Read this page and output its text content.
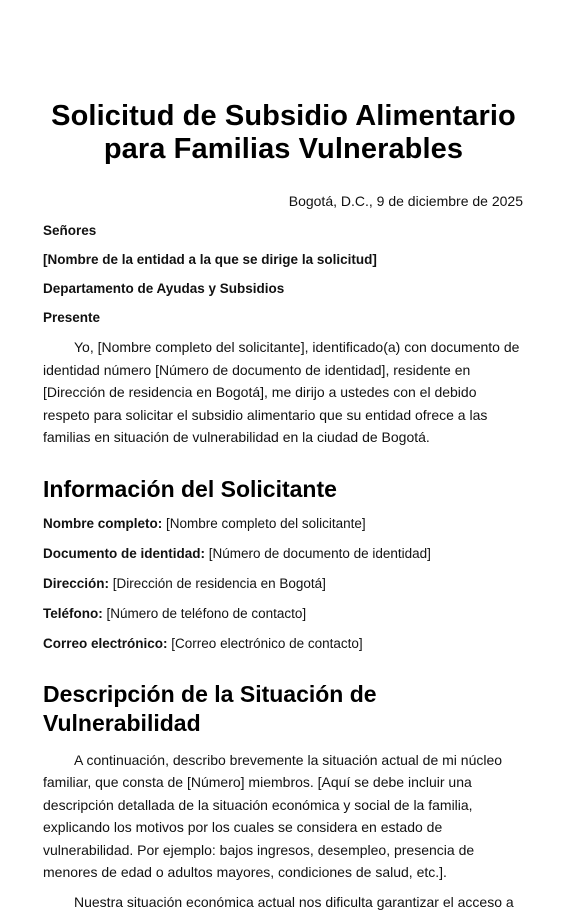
Solicitud de Subsidio Alimentario
para Familias Vulnerables
Bogotá, D.C., 9 de diciembre de 2025

Señores

[Nombre de la entidad a la que se dirige la solicitud]

Departamento de Ayudas y Subsidios

Presente

Yo, [Nombre completo del solicitante], identificado(a) con documento de identidad número [Número de documento de identidad], residente en [Dirección de residencia en Bogotá], me dirijo a ustedes con el debido respeto para solicitar el subsidio alimentario que su entidad ofrece a las familias en situación de vulnerabilidad en la ciudad de Bogotá.

Información del Solicitante

Nombre completo: [Nombre completo del solicitante]

Documento de identidad: [Número de documento de identidad]

Dirección: [Dirección de residencia en Bogotá]

Teléfono: [Número de teléfono de contacto]

Correo electrónico: [Correo electrónico de contacto]

Descripción de la Situación de Vulnerabilidad

A continuación, describo brevemente la situación actual de mi núcleo familiar, que consta de [Número] miembros. [Aquí se debe incluir una descripción detallada de la situación económica y social de la familia, explicando los motivos por los cuales se considera en estado de vulnerabilidad. Por ejemplo: bajos ingresos, desempleo, presencia de menores de edad o adultos mayores, condiciones de salud, etc.].

Nuestra situación económica actual nos dificulta garantizar el acceso a
